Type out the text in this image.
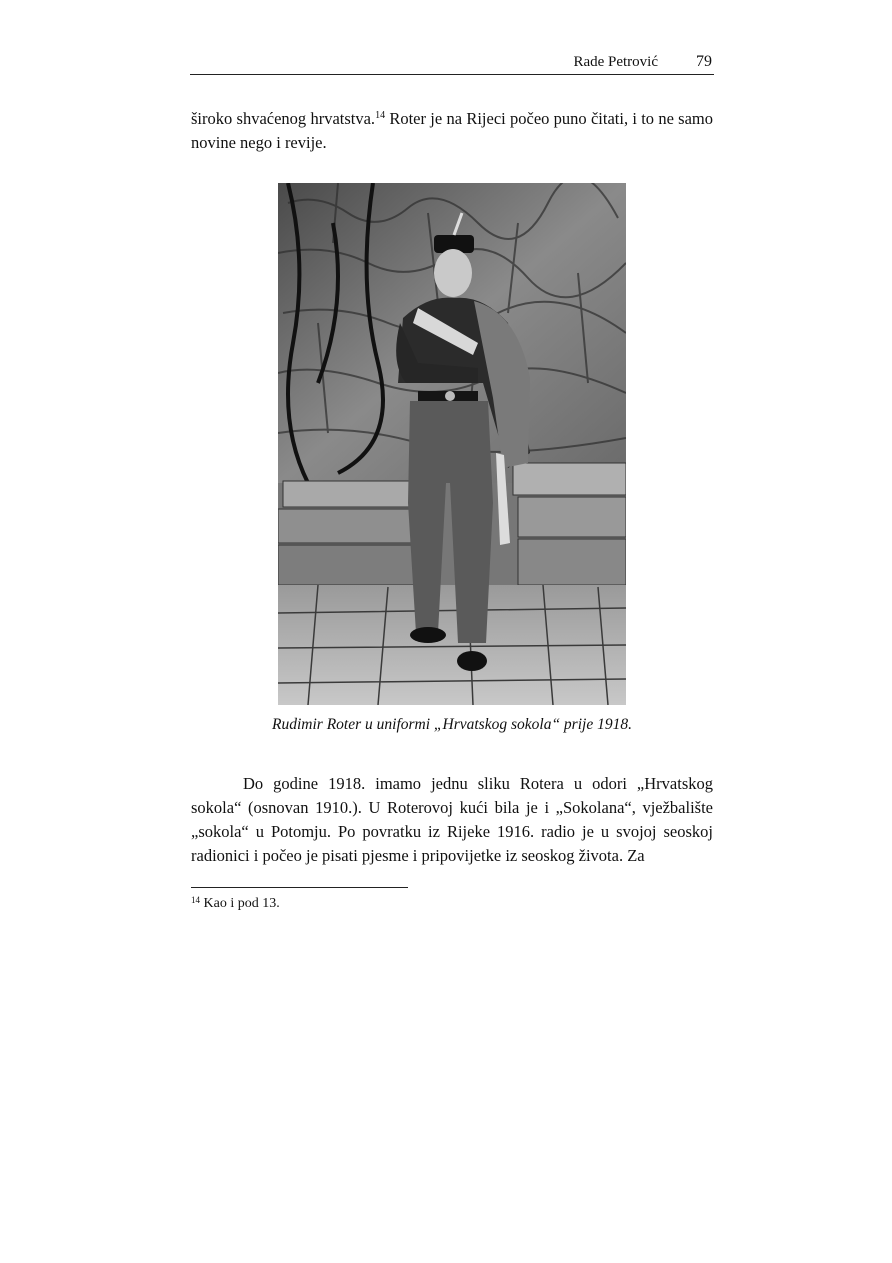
Rade Petrović 79
široko shvaćenog hrvatstva.$^{14}$ Roter je na Rijeci počeo puno čitati, i to ne samo novine nego i revije.
Rudimir Roter u uniformi „Hrvatskog sokola“ prije 1918.
Do godine 1918. imamo jednu sliku Rotera u odori „Hrvatskog sokola“ (osnovan 1910.). U Roterovoj kući bila je i „Sokolana“, vježbalište „sokola“ u Potomju. Po povratku iz Rijeke 1916. radio je u svojoj seoskoj radionici i počeo je pisati pjesme i pripovijetke iz seoskog života. Za
$^{14}$ Kao i pod 13.
